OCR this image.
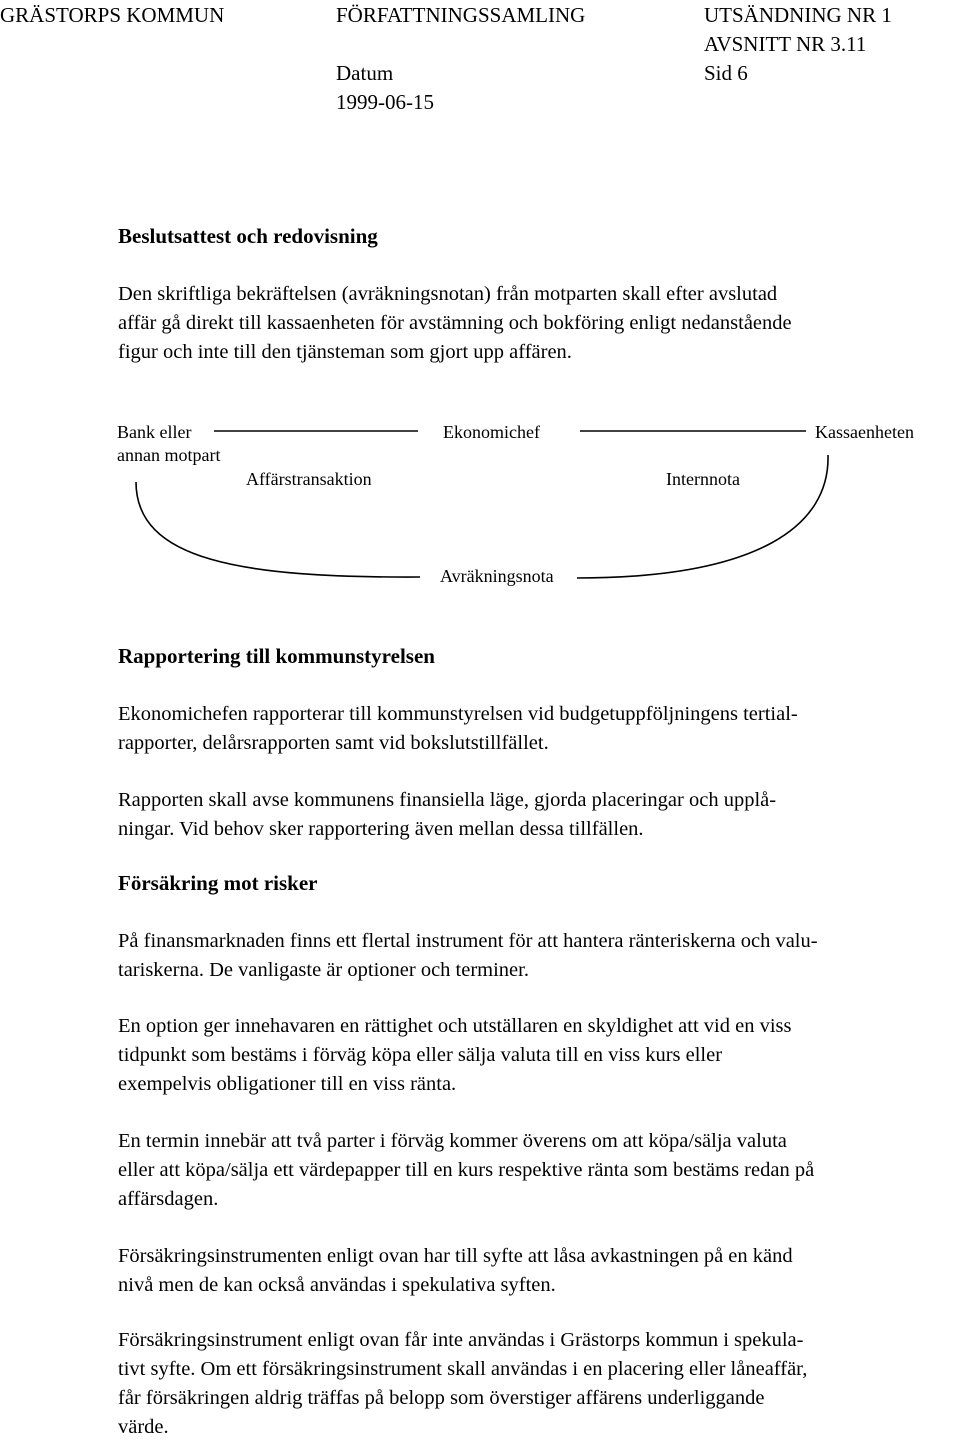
GRÄSTORPS KOMMUN	FÖRFATTNINGSSAMLING	UTSÄNDNING NR 1
AVSNITT NR 3.11
Datum	Sid 6
1999-06-15
Beslutsattest och redovisning

Den skriftliga bekräftelsen (avräkningsnotan) från motparten skall efter avslutad
affär gå direkt till kassaenheten för avstämning och bokföring enligt nedanstående
figur och inte till den tjänsteman som gjort upp affären.

Bank eller
annan motpart
Ekonomichef	Kassaenheten
Affärstransaktion	Internnota
Avräkningsnota
Rapportering till kommunstyrelsen

Ekonomichefen rapporterar till kommunstyrelsen vid budgetuppföljningens tertial-
rapporter, delårsrapporten samt vid bokslutstillfället.

Rapporten skall avse kommunens finansiella läge, gjorda placeringar och upplå-
ningar. Vid behov sker rapportering även mellan dessa tillfällen.

Försäkring mot risker

På finansmarknaden finns ett flertal instrument för att hantera ränteriskerna och valu-
tariskerna. De vanligaste är optioner och terminer.

En option ger innehavaren en rättighet och utställaren en skyldighet att vid en viss
tidpunkt som bestäms i förväg köpa eller sälja valuta till en viss kurs eller
exempelvis obligationer till en viss ränta.

En termin innebär att två parter i förväg kommer överens om att köpa/sälja valuta
eller att köpa/sälja ett värdepapper till en kurs respektive ränta som bestäms redan på
affärsdagen.

Försäkringsinstrumenten enligt ovan har till syfte att låsa avkastningen på en känd
nivå men de kan också användas i spekulativa syften.

Försäkringsinstrument enligt ovan får inte användas i Grästorps kommun i spekula-
tivt syfte. Om ett försäkringsinstrument skall användas i en placering eller låneaffär,
får försäkringen aldrig träffas på belopp som överstiger affärens underliggande
värde.
